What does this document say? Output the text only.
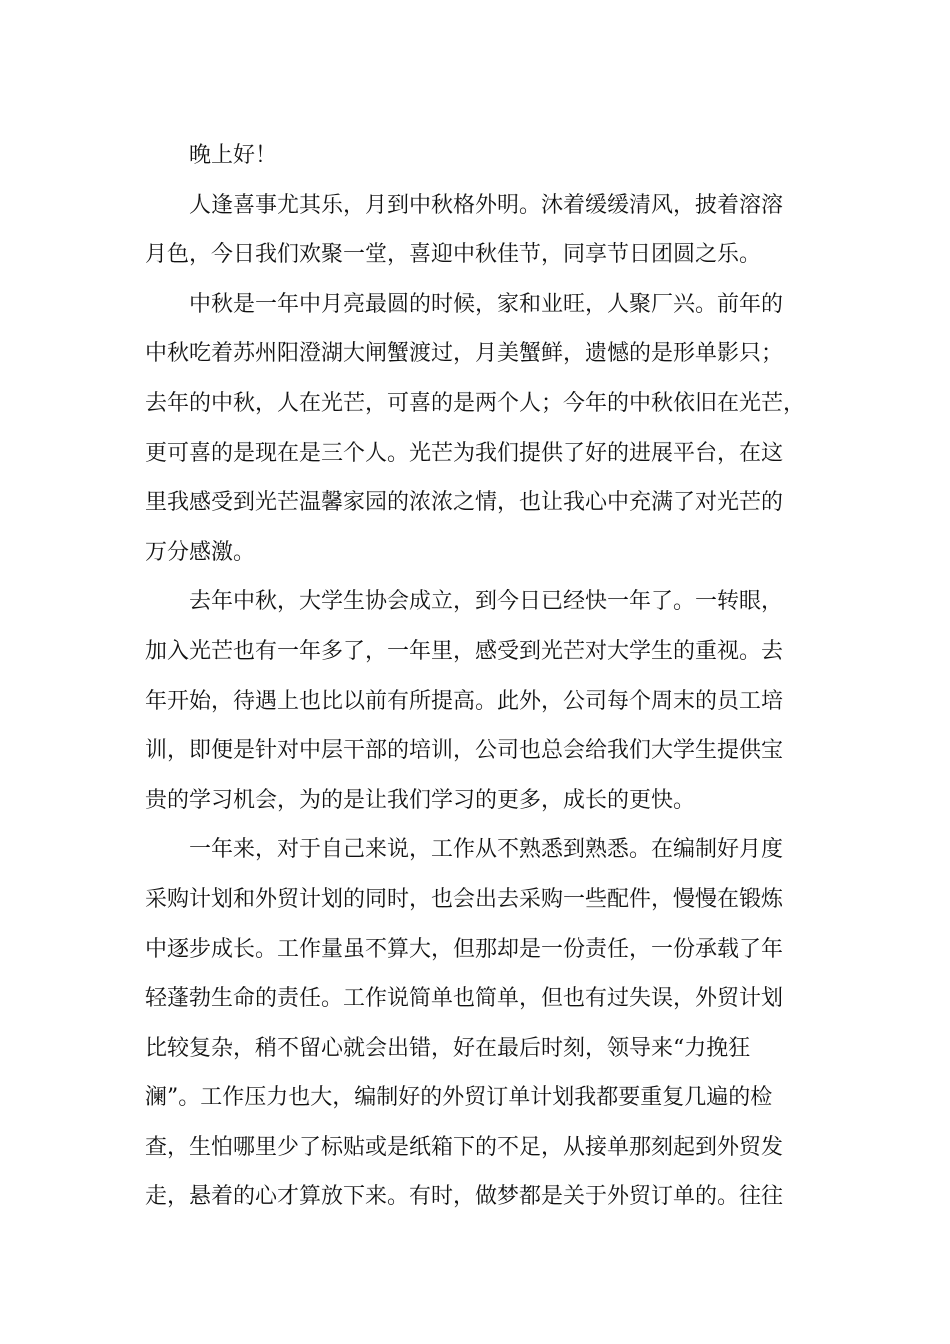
晚上好！
人逢喜事尤其乐，月到中秋格外明。沐着缓缓清风，披着溶溶
月色，今日我们欢聚一堂，喜迎中秋佳节，同享节日团圆之乐。
中秋是一年中月亮最圆的时候，家和业旺，人聚厂兴。前年的
中秋吃着苏州阳澄湖大闸蟹渡过，月美蟹鲜，遗憾的是形单影只；
去年的中秋，人在光芒，可喜的是两个人；今年的中秋依旧在光芒，
更可喜的是现在是三个人。光芒为我们提供了好的进展平台，在这
里我感受到光芒温馨家园的浓浓之情，也让我心中充满了对光芒的
万分感激。
去年中秋，大学生协会成立，到今日已经快一年了。一转眼，
加入光芒也有一年多了，一年里，感受到光芒对大学生的重视。去
年开始，待遇上也比以前有所提高。此外，公司每个周末的员工培
训，即便是针对中层干部的培训，公司也总会给我们大学生提供宝
贵的学习机会，为的是让我们学习的更多，成长的更快。
一年来，对于自己来说，工作从不熟悉到熟悉。在编制好月度
采购计划和外贸计划的同时，也会出去采购一些配件，慢慢在锻炼
中逐步成长。工作量虽不算大，但那却是一份责任，一份承载了年
轻蓬勃生命的责任。工作说简单也简单，但也有过失误，外贸计划
比较复杂，稍不留心就会出错，好在最后时刻，领导来“力挽狂
澜”。工作压力也大，编制好的外贸订单计划我都要重复几遍的检
查，生怕哪里少了标贴或是纸箱下的不足，从接单那刻起到外贸发
走，悬着的心才算放下来。有时，做梦都是关于外贸订单的。往往
